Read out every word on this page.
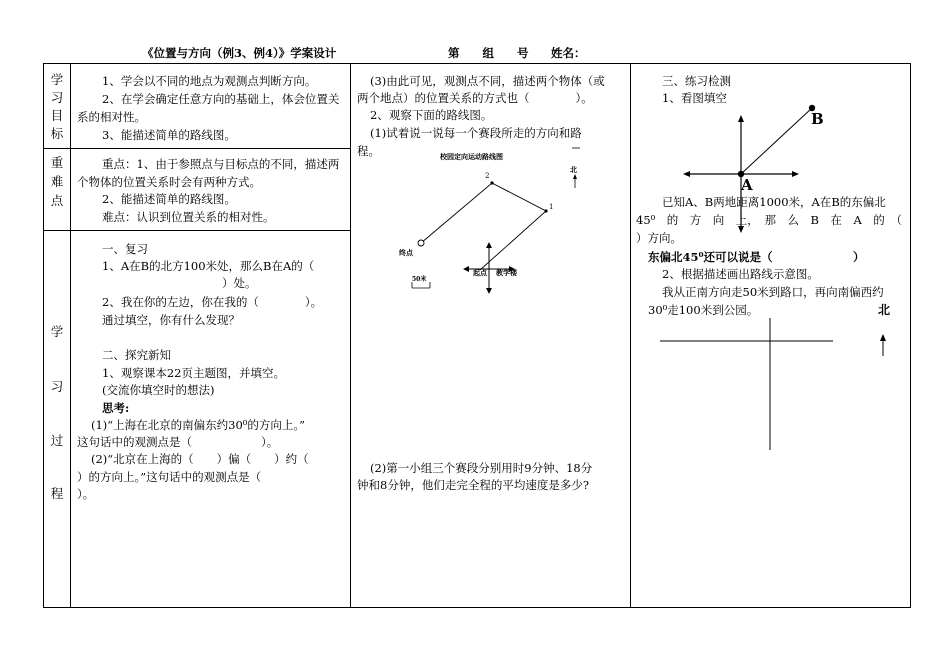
《位置与方向（例3、例4）》学案设计	第　　组　　号 姓名：
学
习
目
标
重
难
点
学
习
过
程
1、学会以不同的地点为观测点判断方向。
2、在学会确定任意方向的基础上，体会位置关
系的相对性。
3、能描述简单的路线图。
重点：1、由于参照点与目标点的不同，描述两
个物体的位置关系时会有两种方式。
2、能描述简单的路线图。
难点：认识到位置关系的相对性。
一、复习
1、A在B的北方100米处，那么B在A的（
）处。
2、我在你的左边，你在我的（　　　　）。
通过填空，你有什么发现？
二、探究新知
1、观察课本22页主题图，并填空。
(交流你填空时的想法)
思考:
(1)“上海在北京的南偏东约30⁰的方向上。”
这句话中的观测点是（　　　　　　）。
(2)“北京在上海的（　　）偏（　　）约（
）的方向上。”这句话中的观测点是（
）。
(3)由此可见，观测点不同，描述两个物体（或
两个地点）的位置关系的方式也（　　　　）。
2、观察下面的路线图。
(1)试着说一说每一个赛段所走的方向和路
程。
(2)第一小组三个赛段分别用时9分钟、18分
钟和8分钟，他们走完全程的平均速度是多少?
校园定向运动路线图
北
终点
起点 教学楼
50米
2
1
三、练习检测
1、看图填空
B
A
已知A、B两地距离1000米，A在B的东偏北
45⁰　的　方　向　上，　那　么　B　在　A　的　（
）方向。
东偏北45⁰还可以说是（　　　　　　　）
2、根据描述画出路线示意图。
我从正南方向走50米到路口，再向南偏西约
30⁰走100米到公园。	北
